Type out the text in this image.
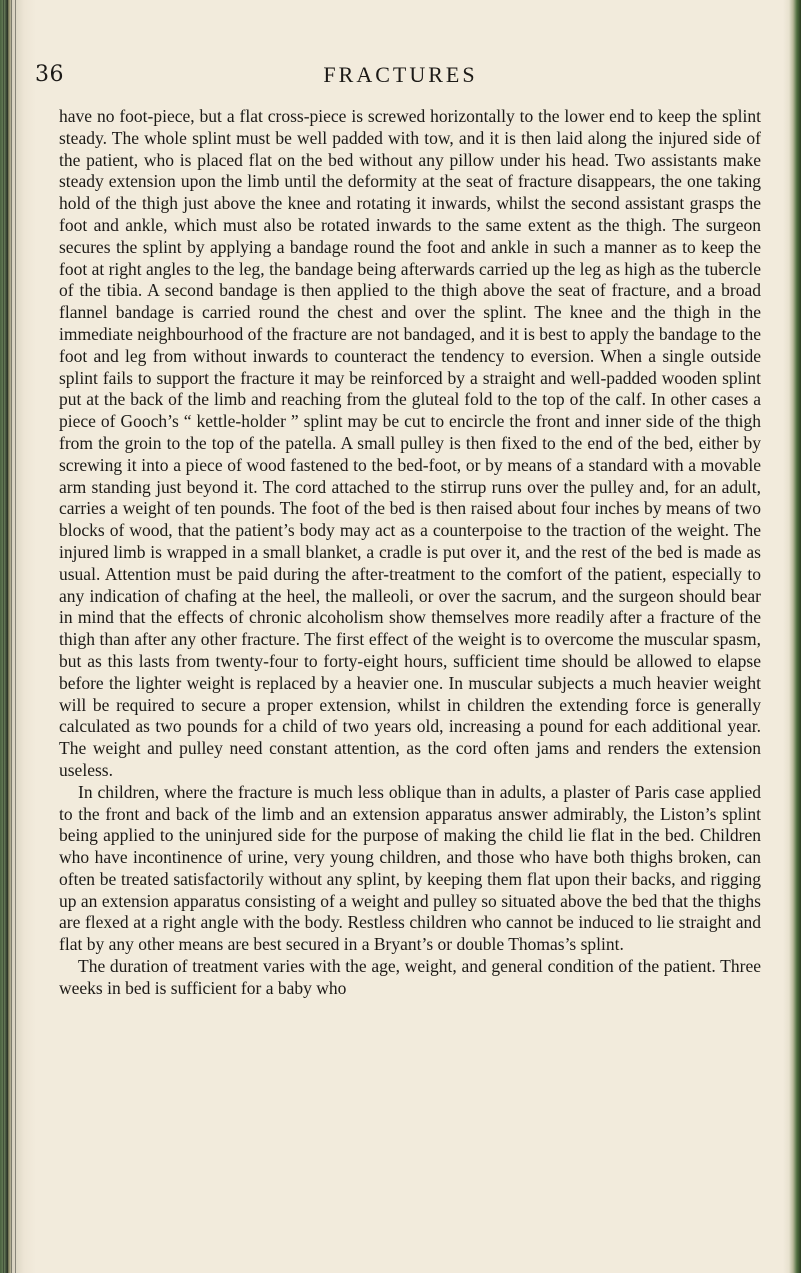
36	FRACTURES

have no foot-piece, but a flat cross-piece is screwed horizontally to the lower end to keep the splint steady. The whole splint must be well padded with tow, and it is then laid along the injured side of the patient, who is placed flat on the bed without any pillow under his head. Two assistants make steady extension upon the limb until the deformity at the seat of fracture disappears, the one taking hold of the thigh just above the knee and rotating it inwards, whilst the second assistant grasps the foot and ankle, which must also be rotated inwards to the same extent as the thigh. The surgeon secures the splint by applying a bandage round the foot and ankle in such a manner as to keep the foot at right angles to the leg, the bandage being afterwards carried up the leg as high as the tubercle of the tibia. A second bandage is then applied to the thigh above the seat of fracture, and a broad flannel bandage is carried round the chest and over the splint. The knee and the thigh in the immediate neighbourhood of the fracture are not bandaged, and it is best to apply the bandage to the foot and leg from without inwards to counteract the tendency to eversion. When a single outside splint fails to support the fracture it may be reinforced by a straight and well-padded wooden splint put at the back of the limb and reaching from the gluteal fold to the top of the calf. In other cases a piece of Gooch’s “ kettle-holder ” splint may be cut to encircle the front and inner side of the thigh from the groin to the top of the patella. A small pulley is then fixed to the end of the bed, either by screwing it into a piece of wood fastened to the bed-foot, or by means of a standard with a movable arm standing just beyond it. The cord attached to the stirrup runs over the pulley and, for an adult, carries a weight of ten pounds. The foot of the bed is then raised about four inches by means of two blocks of wood, that the patient’s body may act as a counterpoise to the traction of the weight. The injured limb is wrapped in a small blanket, a cradle is put over it, and the rest of the bed is made as usual. Attention must be paid during the after-treatment to the comfort of the patient, especially to any indication of chafing at the heel, the malleoli, or over the sacrum, and the surgeon should bear in mind that the effects of chronic alcoholism show themselves more readily after a fracture of the thigh than after any other fracture. The first effect of the weight is to overcome the muscular spasm, but as this lasts from twenty-four to forty-eight hours, sufficient time should be allowed to elapse before the lighter weight is replaced by a heavier one. In muscular subjects a much heavier weight will be required to secure a proper extension, whilst in children the extending force is generally calculated as two pounds for a child of two years old, increasing a pound for each additional year. The weight and pulley need constant attention, as the cord often jams and renders the extension useless.

In children, where the fracture is much less oblique than in adults, a plaster of Paris case applied to the front and back of the limb and an extension apparatus answer admirably, the Liston’s splint being applied to the uninjured side for the purpose of making the child lie flat in the bed. Children who have incontinence of urine, very young children, and those who have both thighs broken, can often be treated satisfactorily without any splint, by keeping them flat upon their backs, and rigging up an extension apparatus consisting of a weight and pulley so situated above the bed that the thighs are flexed at a right angle with the body. Restless children who cannot be induced to lie straight and flat by any other means are best secured in a Bryant’s or double Thomas’s splint.

The duration of treatment varies with the age, weight, and general condition of the patient. Three weeks in bed is sufficient for a baby who
